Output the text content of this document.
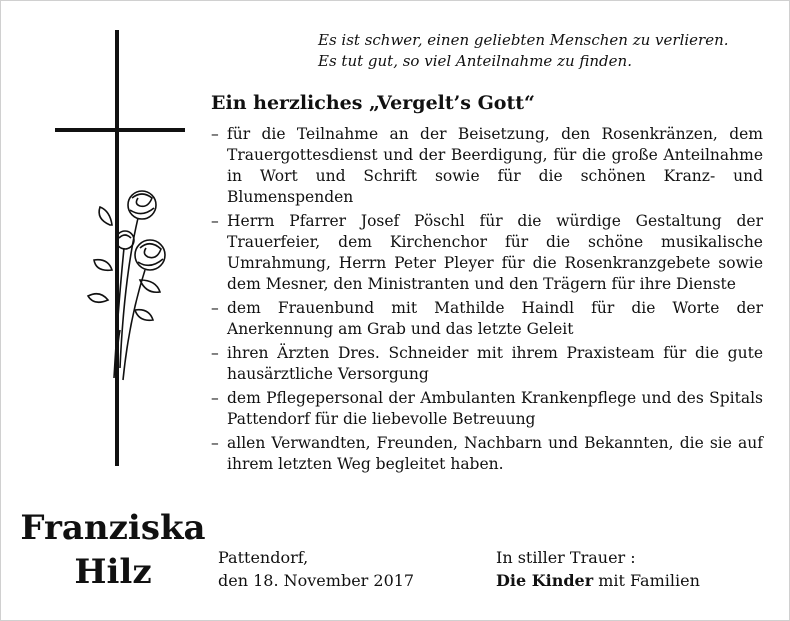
Es ist schwer, einen geliebten Menschen zu verlieren.
Es tut gut, so viel Anteilnahme zu finden.
Ein herzliches „Vergelt’s Gott“
– für die Teilnahme an der Beisetzung, den Rosenkränzen, dem Trauergottesdienst und der Beerdigung, für die große Anteilnahme in Wort und Schrift sowie für die schönen Kranz- und Blumenspenden
– Herrn Pfarrer Josef Pöschl für die würdige Gestaltung der Trauerfeier, dem Kirchenchor für die schöne musikalische Umrahmung, Herrn Peter Pleyer für die Rosenkranzgebete sowie dem Mesner, den Ministranten und den Trägern für ihre Dienste
– dem Frauenbund mit Mathilde Haindl für die Worte der Anerkennung am Grab und das letzte Geleit
– ihren Ärzten Dres. Schneider mit ihrem Praxisteam für die gute hausärztliche Versorgung
– dem Pflegepersonal der Ambulanten Krankenpflege und des Spitals Pattendorf für die liebevolle Betreuung
– allen Verwandten, Freunden, Nachbarn und Bekannten, die sie auf ihrem letzten Weg begleitet haben.
Franziska
Hilz	Pattendorf,
den 18. November 2017
In stiller Trauer :
Die Kinder mit Familien
